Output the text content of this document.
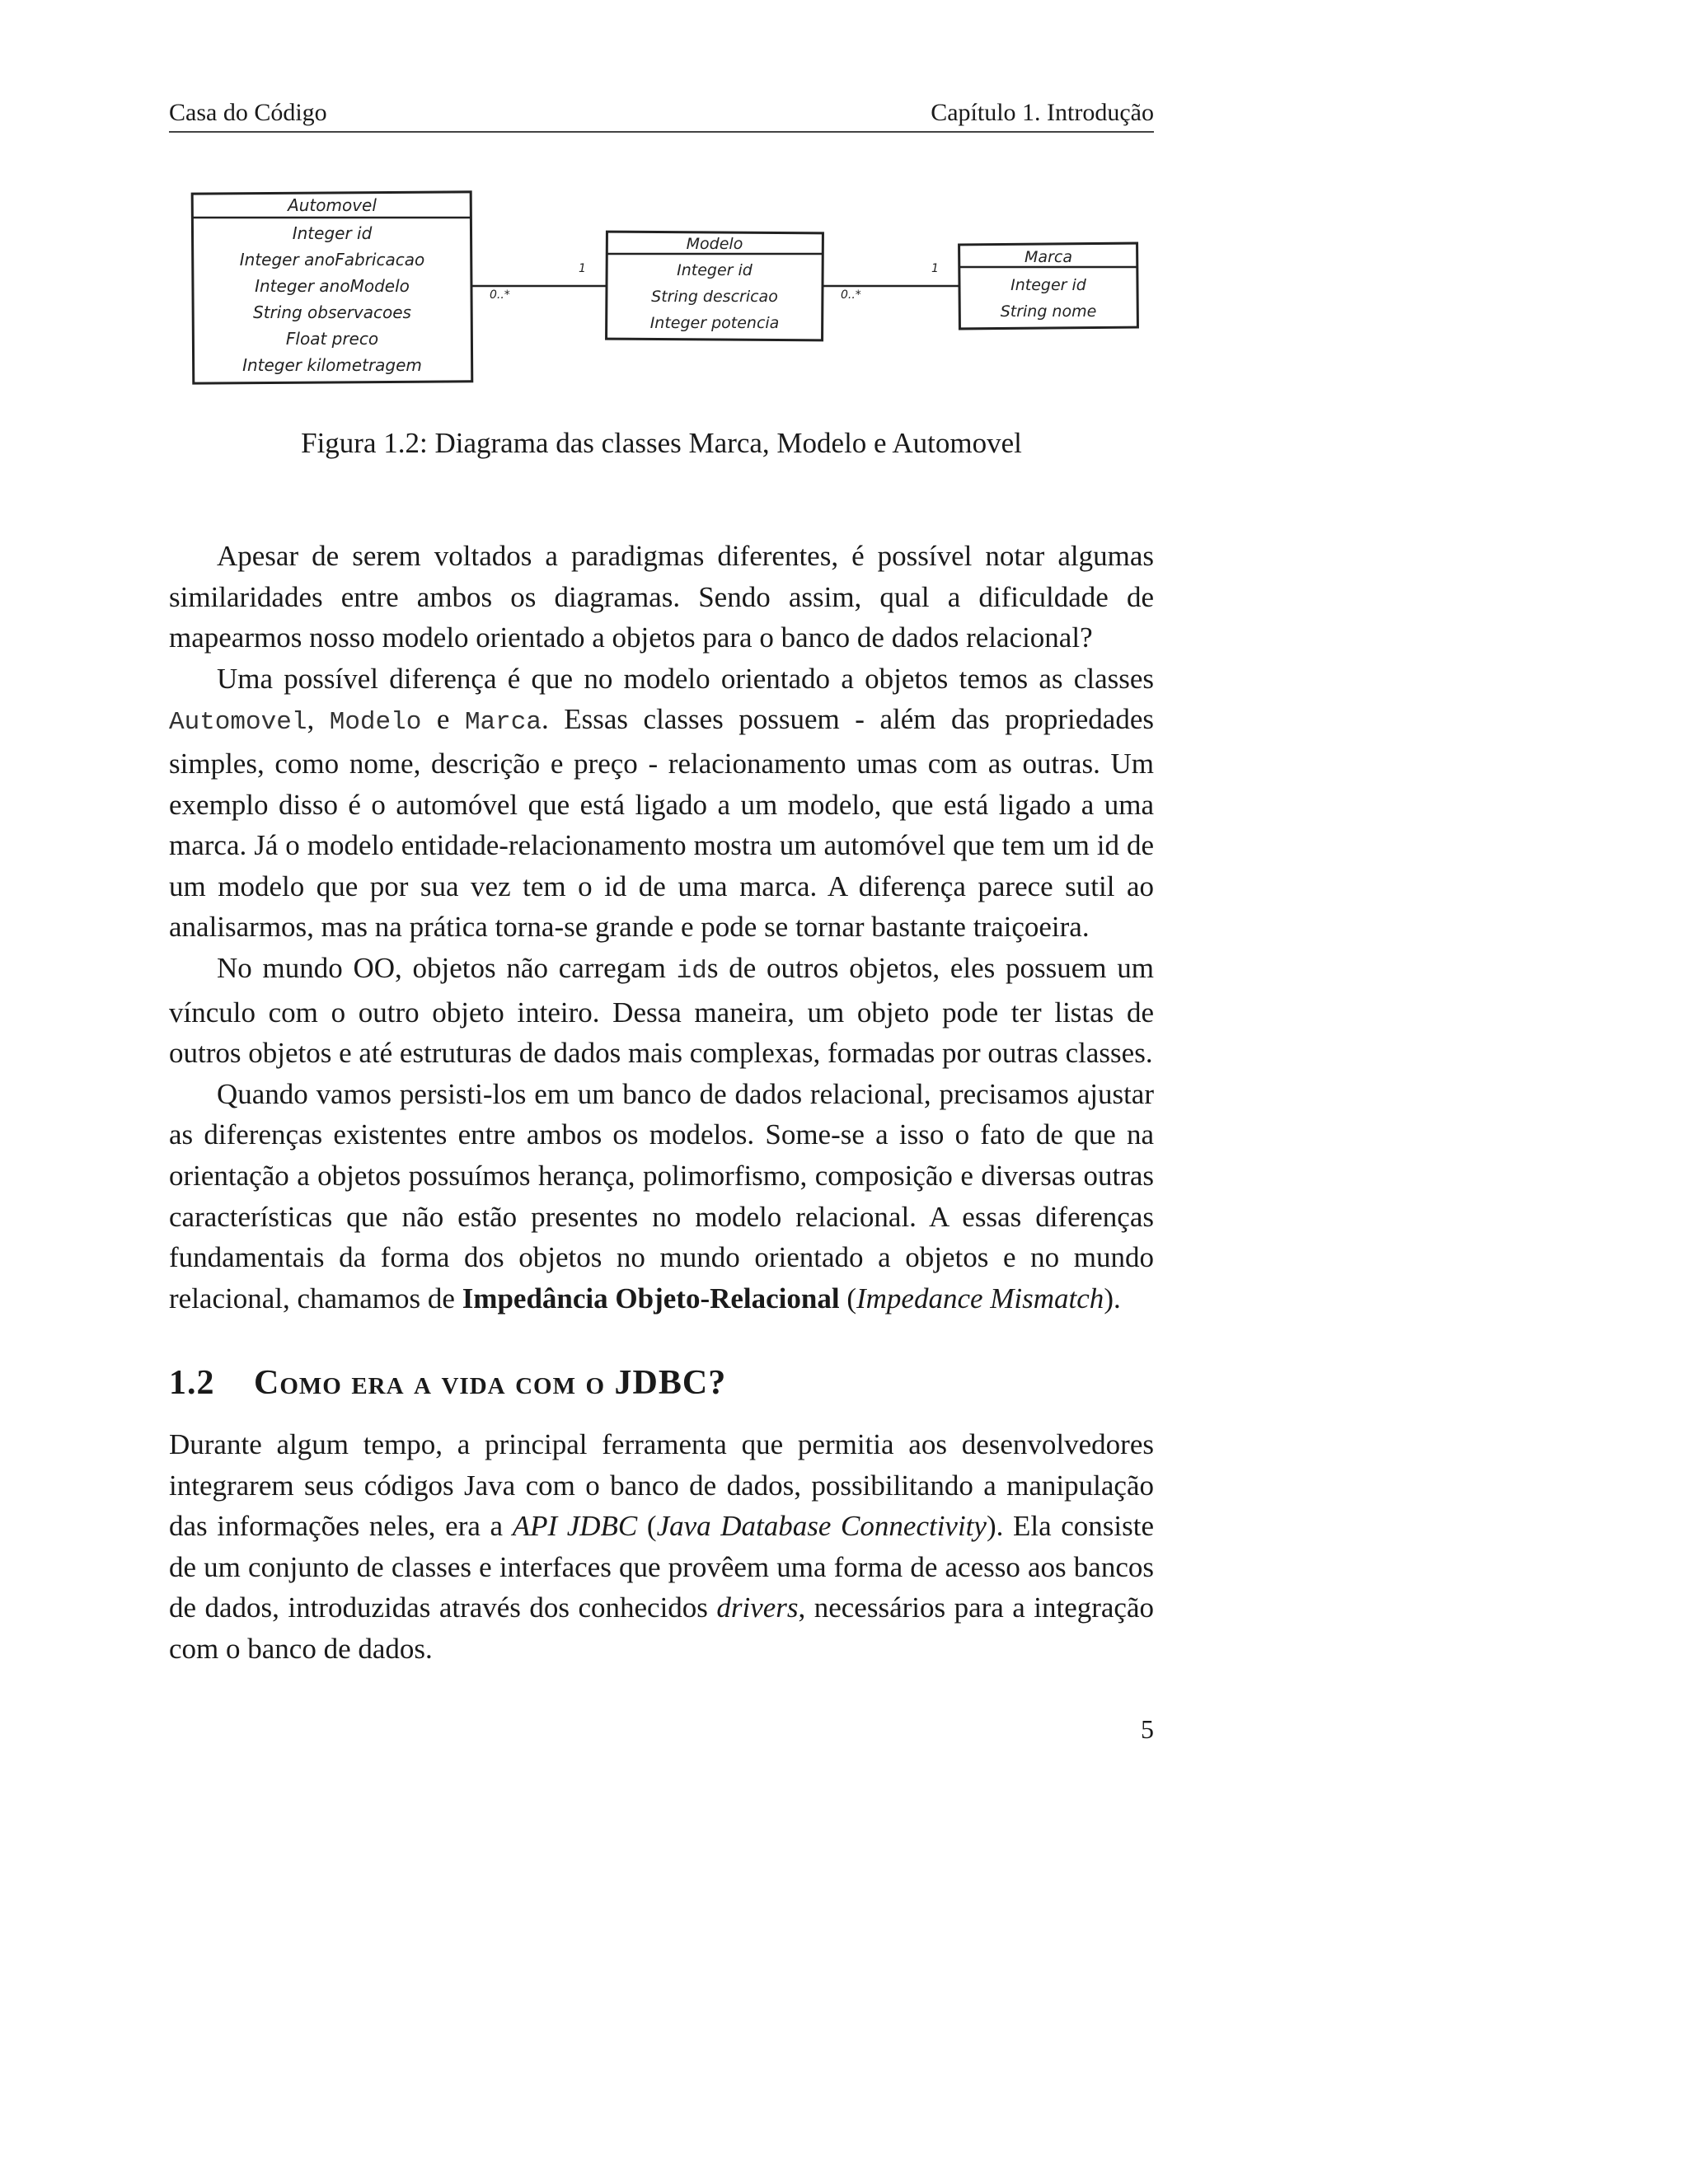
Casa do Código	Capítulo 1. Introdução
Automovel
Integer id
Integer anoFabricacao
Integer anoModelo
String observacoes
Float preco
Integer kilometragem
0..*
1
Modelo
Integer id
String descricao
Integer potencia
0..*
1
Marca
Integer id
String nome
Figura 1.2: Diagrama das classes Marca, Modelo e Automovel

Apesar de serem voltados a paradigmas diferentes, é possível notar algumas similaridades entre ambos os diagramas. Sendo assim, qual a dificuldade de mapearmos nosso modelo orientado a objetos para o banco de dados relacional?

Uma possível diferença é que no modelo orientado a objetos temos as classes Automovel, Modelo e Marca. Essas classes possuem - além das propriedades simples, como nome, descrição e preço - relacionamento umas com as outras. Um exemplo disso é o automóvel que está ligado a um modelo, que está ligado a uma marca. Já o modelo entidade-relacionamento mostra um automóvel que tem um id de um modelo que por sua vez tem o id de uma marca. A diferença parece sutil ao analisarmos, mas na prática torna-se grande e pode se tornar bastante traiçoeira.

No mundo OO, objetos não carregam ids de outros objetos, eles possuem um vínculo com o outro objeto inteiro. Dessa maneira, um objeto pode ter listas de outros objetos e até estruturas de dados mais complexas, formadas por outras classes.

Quando vamos persisti-los em um banco de dados relacional, precisamos ajustar as diferenças existentes entre ambos os modelos. Some-se a isso o fato de que na orientação a objetos possuímos herança, polimorfismo, composição e diversas outras características que não estão presentes no modelo relacional. A essas diferenças fundamentais da forma dos objetos no mundo orientado a objetos e no mundo relacional, chamamos de Impedância Objeto-Relacional (Impedance Mismatch).

1.2 Como era a vida com o JDBC?

Durante algum tempo, a principal ferramenta que permitia aos desenvolvedores integrarem seus códigos Java com o banco de dados, possibilitando a manipulação das informações neles, era a API JDBC (Java Database Connectivity). Ela consiste de um conjunto de classes e interfaces que provêem uma forma de acesso aos bancos de dados, introduzidas através dos conhecidos drivers, necessários para a integração com o banco de dados.

5
